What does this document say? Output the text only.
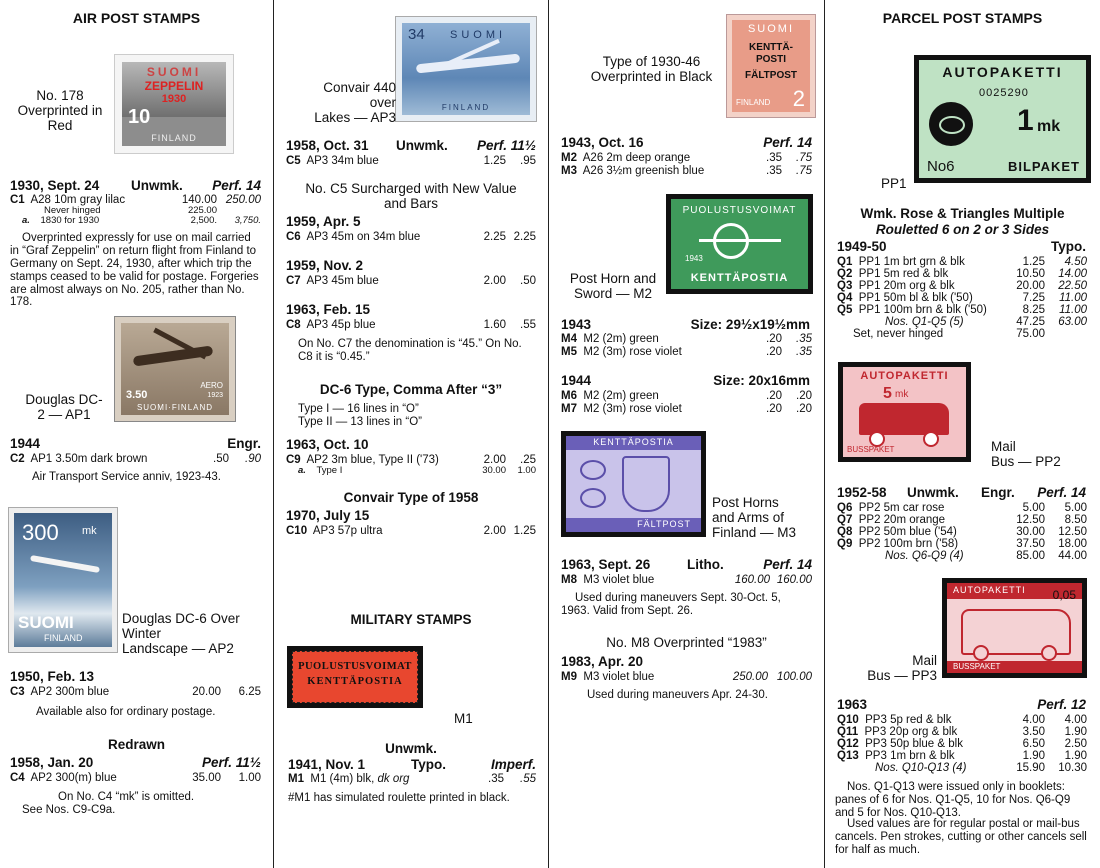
AIR POST STAMPS
SUOMI
ZEPPELIN
1930
10
FINLAND
No. 178
Overprinted in
Red
1930, Sept. 24 Unwmk. Perf. 14
C1 A28 10m gray lilac	140.00 250.00
Never hinged	225.00
a. 1830 for 1930	2,500. 3,750.
Overprinted expressly for use on mail carried in “Graf Zeppelin” on return flight from Finland to Germany on Sept. 24, 1930, after which trip the stamps ceased to be valid for postage. Forgeries are almost always on No. 205, rather than No. 178.
3.50
AERO
1923
SUOMI·FINLAND
Douglas DC-
2 — AP1
1944	Engr.
C2 AP1 3.50m dark brown	.50 .90
Air Transport Service anniv, 1923-43.
300 mk
SUOMI
FINLAND
Douglas DC-6 Over
Winter
Landscape — AP2
1950, Feb. 13
C3 AP2 300m blue	20.00 6.25
Available also for ordinary postage.
Redrawn
1958, Jan. 20	Perf. 11½
C4 AP2 300(m) blue	35.00 1.00
On No. C4 “mk” is omitted.
See Nos. C9-C9a.
34 SUOMI
FINLAND
Convair 440
over
Lakes — AP3
1958, Oct. 31 Unwmk. Perf. 11½
C5 AP3 34m blue	1.25 .95
No. C5 Surcharged with New Value
and Bars
1959, Apr. 5
C6 AP3 45m on 34m blue	2.25 2.25
1959, Nov. 2
C7 AP3 45m blue	2.00 .50
1963, Feb. 15
C8 AP3 45p blue	1.60 .55
On No. C7 the denomination is “45.” On No. C8 it is “0.45.”
DC-6 Type, Comma After “3”
Type I — 16 lines in “O”
Type II — 13 lines in “O”
1963, Oct. 10
C9 AP2 3m blue, Type II ('73)	2.00 .25
a. Type I	30.00 1.00
Convair Type of 1958
1970, July 15
C10 AP3 57p ultra	2.00 1.25
MILITARY STAMPS
PUOLUSTUSVOIMAT
KENTTÄPOSTIA
M1
Unwmk.
1941, Nov. 1	Typo.	Imperf.
M1 M1 (4m) blk, dk org	.35 .55
#M1 has simulated roulette printed in black.
SUOMI
KENTTÄ-
POSTI
FÄLTPOST
FINLAND 2
Type of 1930-46
Overprinted in Black
1943, Oct. 16	Perf. 14
M2 A26 2m deep orange	.35 .75
M3 A26 3½m greenish blue	.35 .75
PUOLUSTUSVOIMAT
1943
KENTTÄPOSTIA
Post Horn and
Sword — M2
1943	Size: 29½x19½mm
M4 M2 (2m) green	.20 .35
M5 M2 (3m) rose violet	.20 .35
1944	Size: 20x16mm
M6 M2 (2m) green	.20 .20
M7 M2 (3m) rose violet	.20 .20
KENTTÄPOSTIA
FÄLTPOST
Post Horns
and Arms of
Finland — M3
1963, Sept. 26	Litho.	Perf. 14
M8 M3 violet blue	160.00 160.00
Used during maneuvers Sept. 30-Oct. 5, 1963. Valid from Sept. 26.
No. M8 Overprinted “1983”
1983, Apr. 20
M9 M3 violet blue	250.00 100.00
Used during maneuvers Apr. 24-30.
PARCEL POST STAMPS
AUTOPAKETTI
0025290
1 mk
No6	BILPAKET
PP1
Wmk. Rose & Triangles Multiple
Rouletted 6 on 2 or 3 Sides
1949-50	Typo.
Q1 PP1 1m brt grn & blk	1.25 4.50
Q2 PP1 5m red & blk	10.50 14.00
Q3 PP1 20m org & blk	20.00 22.50
Q4 PP1 50m bl & blk ('50)	7.25 11.00
Q5 PP1 100m brn & blk ('50)	8.25 11.00
Nos. Q1-Q5 (5)	47.25 63.00
Set, never hinged	75.00
AUTOPAKETTI
5 mk
BUSSPAKET	Mail
Bus — PP2
1952-58 Unwmk. Engr. Perf. 14
Q6 PP2 5m car rose	5.00 5.00
Q7 PP2 20m orange	12.50 8.50
Q8 PP2 50m blue ('54)	30.00 12.50
Q9 PP2 100m brn ('58)	37.50 18.00
Nos. Q6-Q9 (4)	85.00 44.00
AUTOPAKETTI 0,05
BUSSPAKET
Mail
Bus — PP3
1963	Perf. 12
Q10 PP3 5p red & blk	4.00 4.00
Q11 PP3 20p org & blk	3.50 1.90
Q12 PP3 50p blue & blk	6.50 2.50
Q13 PP3 1m brn & blk	1.90 1.90
Nos. Q10-Q13 (4)	15.90 10.30
Nos. Q1-Q13 were issued only in booklets: panes of 6 for Nos. Q1-Q5, 10 for Nos. Q6-Q9 and 5 for Nos. Q10-Q13.
Used values are for regular postal or mail-bus cancels. Pen strokes, cutting or other cancels sell for half as much.
